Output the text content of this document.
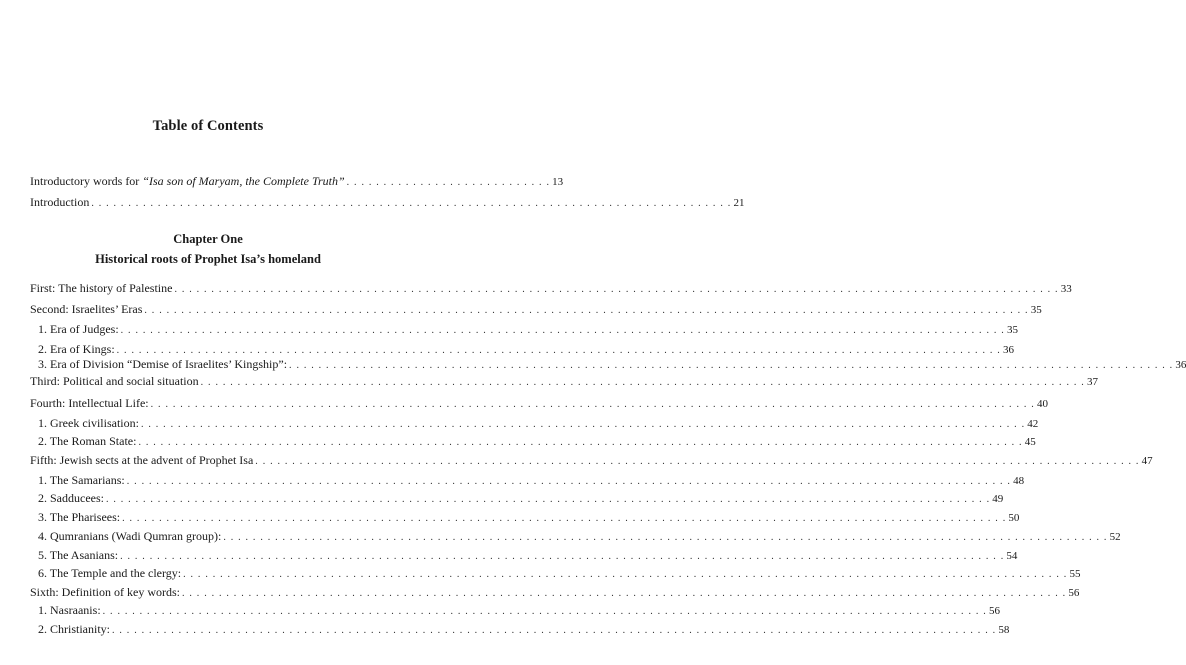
Table of Contents
Introductory words for “Isa son of Maryam, the Complete Truth” . . . . . . . . . . . . . . . . . . . . . . . . . . . . 13
Introduction . . . . . . . . . . . . . . . . . . . . . . . . . . . . . . . . . . . . . . . . . . . . . . . . . . . . . . . . . . . . . . . . . . . . . . . . . . . . . . . . . . . . . . . 21
Chapter One
Historical roots of Prophet Isa’s homeland
First: The history of Palestine . . . . . . . . . . . . . . . . . . . . . . . . . . . . . . . . . . . . . . . . . . . . . . . . . . . . . . . . . . . . . . . . . . . . . . . . . . . . . . . . . . . . . . . . . . . . . . . . . . . . . . . . . . . . . . . . . . . . . . . . 33
Second: Israelites’ Eras . . . . . . . . . . . . . . . . . . . . . . . . . . . . . . . . . . . . . . . . . . . . . . . . . . . . . . . . . . . . . . . . . . . . . . . . . . . . . . . . . . . . . . . . . . . . . . . . . . . . . . . . . . . . . . . . . . . . . . . . 35
1. Era of Judges: . . . . . . . . . . . . . . . . . . . . . . . . . . . . . . . . . . . . . . . . . . . . . . . . . . . . . . . . . . . . . . . . . . . . . . . . . . . . . . . . . . . . . . . . . . . . . . . . . . . . . . . . . . . . . . . . . . . . . . . . 35
2. Era of Kings: . . . . . . . . . . . . . . . . . . . . . . . . . . . . . . . . . . . . . . . . . . . . . . . . . . . . . . . . . . . . . . . . . . . . . . . . . . . . . . . . . . . . . . . . . . . . . . . . . . . . . . . . . . . . . . . . . . . . . . . . 36
3. Era of Division “Demise of Israelites’ Kingship”: . . . . . . . . . . . . . . . . . . . . . . . . . . . . . . . . . . . . . . . . . . . . . . . . . . . . . . . . . . . . . . . . . . . . . . . . . . . . . . . . . . . . . . . . . . . . . . . . . . . . . . . . . . . . . . . . . . . . . . . . 36
Third: Political and social situation . . . . . . . . . . . . . . . . . . . . . . . . . . . . . . . . . . . . . . . . . . . . . . . . . . . . . . . . . . . . . . . . . . . . . . . . . . . . . . . . . . . . . . . . . . . . . . . . . . . . . . . . . . . . . . . . . . . . . . . . 37
Fourth: Intellectual Life: . . . . . . . . . . . . . . . . . . . . . . . . . . . . . . . . . . . . . . . . . . . . . . . . . . . . . . . . . . . . . . . . . . . . . . . . . . . . . . . . . . . . . . . . . . . . . . . . . . . . . . . . . . . . . . . . . . . . . . . . 40
1. Greek civilisation: . . . . . . . . . . . . . . . . . . . . . . . . . . . . . . . . . . . . . . . . . . . . . . . . . . . . . . . . . . . . . . . . . . . . . . . . . . . . . . . . . . . . . . . . . . . . . . . . . . . . . . . . . . . . . . . . . . . . . . . . 42
2. The Roman State: . . . . . . . . . . . . . . . . . . . . . . . . . . . . . . . . . . . . . . . . . . . . . . . . . . . . . . . . . . . . . . . . . . . . . . . . . . . . . . . . . . . . . . . . . . . . . . . . . . . . . . . . . . . . . . . . . . . . . . . . 45
Fifth: Jewish sects at the advent of Prophet Isa . . . . . . . . . . . . . . . . . . . . . . . . . . . . . . . . . . . . . . . . . . . . . . . . . . . . . . . . . . . . . . . . . . . . . . . . . . . . . . . . . . . . . . . . . . . . . . . . . . . . . . . . . . . . . . . . . . . . . . . . 47
1. The Samarians: . . . . . . . . . . . . . . . . . . . . . . . . . . . . . . . . . . . . . . . . . . . . . . . . . . . . . . . . . . . . . . . . . . . . . . . . . . . . . . . . . . . . . . . . . . . . . . . . . . . . . . . . . . . . . . . . . . . . . . . . 48
2. Sadducees: . . . . . . . . . . . . . . . . . . . . . . . . . . . . . . . . . . . . . . . . . . . . . . . . . . . . . . . . . . . . . . . . . . . . . . . . . . . . . . . . . . . . . . . . . . . . . . . . . . . . . . . . . . . . . . . . . . . . . . . . 49
3. The Pharisees: . . . . . . . . . . . . . . . . . . . . . . . . . . . . . . . . . . . . . . . . . . . . . . . . . . . . . . . . . . . . . . . . . . . . . . . . . . . . . . . . . . . . . . . . . . . . . . . . . . . . . . . . . . . . . . . . . . . . . . . . 50
4. Qumranians (Wadi Qumran group): . . . . . . . . . . . . . . . . . . . . . . . . . . . . . . . . . . . . . . . . . . . . . . . . . . . . . . . . . . . . . . . . . . . . . . . . . . . . . . . . . . . . . . . . . . . . . . . . . . . . . . . . . . . . . . . . . . . . . . . . 52
5. The Asanians: . . . . . . . . . . . . . . . . . . . . . . . . . . . . . . . . . . . . . . . . . . . . . . . . . . . . . . . . . . . . . . . . . . . . . . . . . . . . . . . . . . . . . . . . . . . . . . . . . . . . . . . . . . . . . . . . . . . . . . . . 54
6. The Temple and the clergy: . . . . . . . . . . . . . . . . . . . . . . . . . . . . . . . . . . . . . . . . . . . . . . . . . . . . . . . . . . . . . . . . . . . . . . . . . . . . . . . . . . . . . . . . . . . . . . . . . . . . . . . . . . . . . . . . . . . . . . . . 55
Sixth: Definition of key words: . . . . . . . . . . . . . . . . . . . . . . . . . . . . . . . . . . . . . . . . . . . . . . . . . . . . . . . . . . . . . . . . . . . . . . . . . . . . . . . . . . . . . . . . . . . . . . . . . . . . . . . . . . . . . . . . . . . . . . . . 56
1. Nasraanis: . . . . . . . . . . . . . . . . . . . . . . . . . . . . . . . . . . . . . . . . . . . . . . . . . . . . . . . . . . . . . . . . . . . . . . . . . . . . . . . . . . . . . . . . . . . . . . . . . . . . . . . . . . . . . . . . . . . . . . . . 56
2. Christianity: . . . . . . . . . . . . . . . . . . . . . . . . . . . . . . . . . . . . . . . . . . . . . . . . . . . . . . . . . . . . . . . . . . . . . . . . . . . . . . . . . . . . . . . . . . . . . . . . . . . . . . . . . . . . . . . . . . . . . . . . 58
